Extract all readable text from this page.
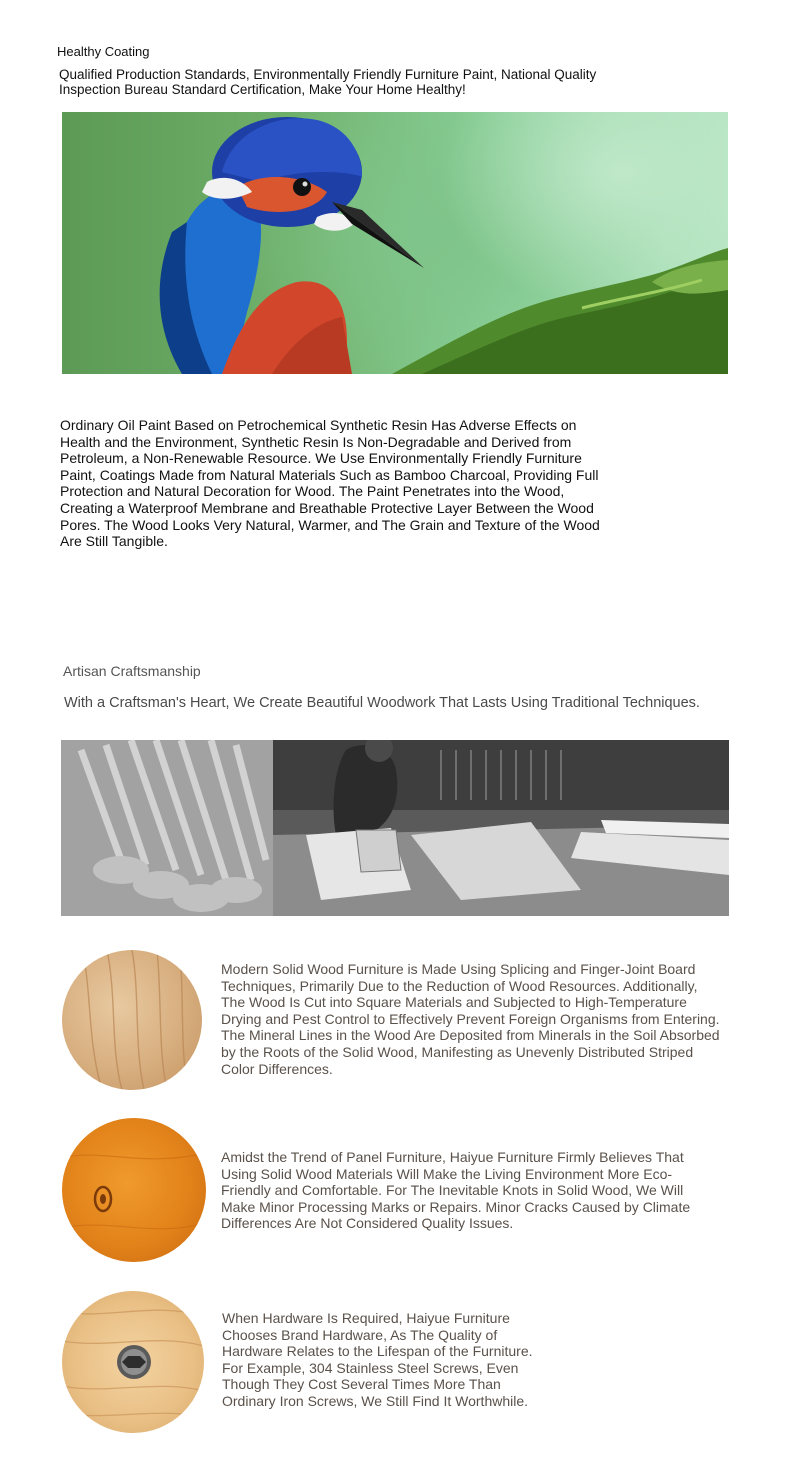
Healthy Coating
Qualified Production Standards, Environmentally Friendly Furniture Paint, National Quality Inspection Bureau Standard Certification, Make Your Home Healthy!
Ordinary Oil Paint Based on Petrochemical Synthetic Resin Has Adverse Effects on Health and the Environment, Synthetic Resin Is Non-Degradable and Derived from Petroleum, a Non-Renewable Resource. We Use Environmentally Friendly Furniture Paint, Coatings Made from Natural Materials Such as Bamboo Charcoal, Providing Full Protection and Natural Decoration for Wood. The Paint Penetrates into the Wood, Creating a Waterproof Membrane and Breathable Protective Layer Between the Wood Pores. The Wood Looks Very Natural, Warmer, and The Grain and Texture of the Wood Are Still Tangible.
Artisan Craftsmanship
With a Craftsman's Heart, We Create Beautiful Woodwork That Lasts Using Traditional Techniques.
Modern Solid Wood Furniture is Made Using Splicing and Finger-Joint Board Techniques, Primarily Due to the Reduction of Wood Resources. Additionally, The Wood Is Cut into Square Materials and Subjected to High-Temperature Drying and Pest Control to Effectively Prevent Foreign Organisms from Entering. The Mineral Lines in the Wood Are Deposited from Minerals in the Soil Absorbed by the Roots of the Solid Wood, Manifesting as Unevenly Distributed Striped Color Differences.
Amidst the Trend of Panel Furniture, Haiyue Furniture Firmly Believes That Using Solid Wood Materials Will Make the Living Environment More Eco-Friendly and Comfortable. For The Inevitable Knots in Solid Wood, We Will Make Minor Processing Marks or Repairs. Minor Cracks Caused by Climate Differences Are Not Considered Quality Issues.
When Hardware Is Required, Haiyue Furniture Chooses Brand Hardware, As The Quality of Hardware Relates to the Lifespan of the Furniture. For Example, 304 Stainless Steel Screws, Even Though They Cost Several Times More Than Ordinary Iron Screws, We Still Find It Worthwhile.
